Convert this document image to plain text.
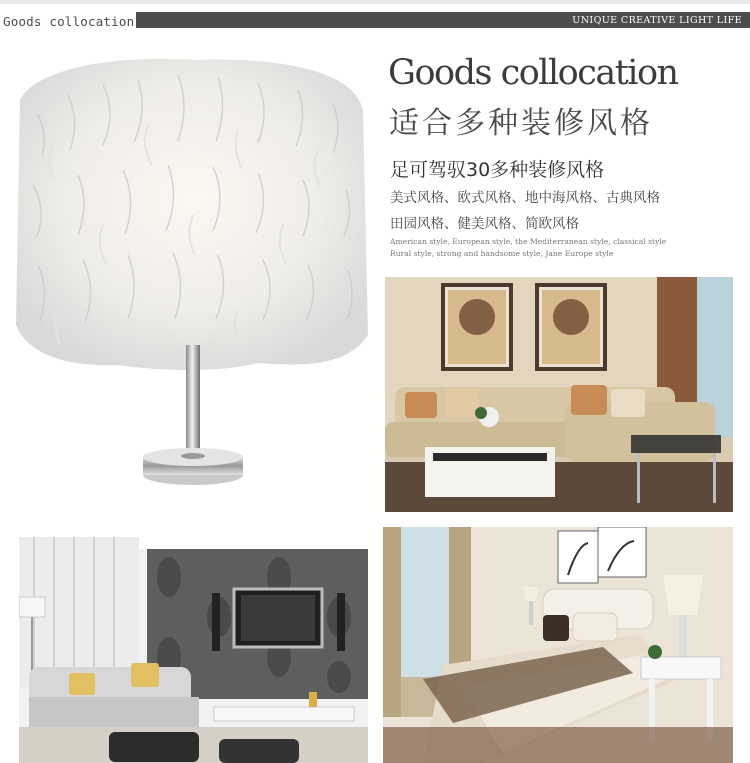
UNIQUE CREATIVE LIGHT LIFE
Goods collocation
Goods collocation
适合多种装修风格
足可驾驭30多种装修风格
美式风格、欧式风格、地中海风格、古典风格
田园风格、健美风格、简欧风格
American style, European style, the Mediterranean style, classical style
Rural style, strong and handsome style, Jane Europe style
